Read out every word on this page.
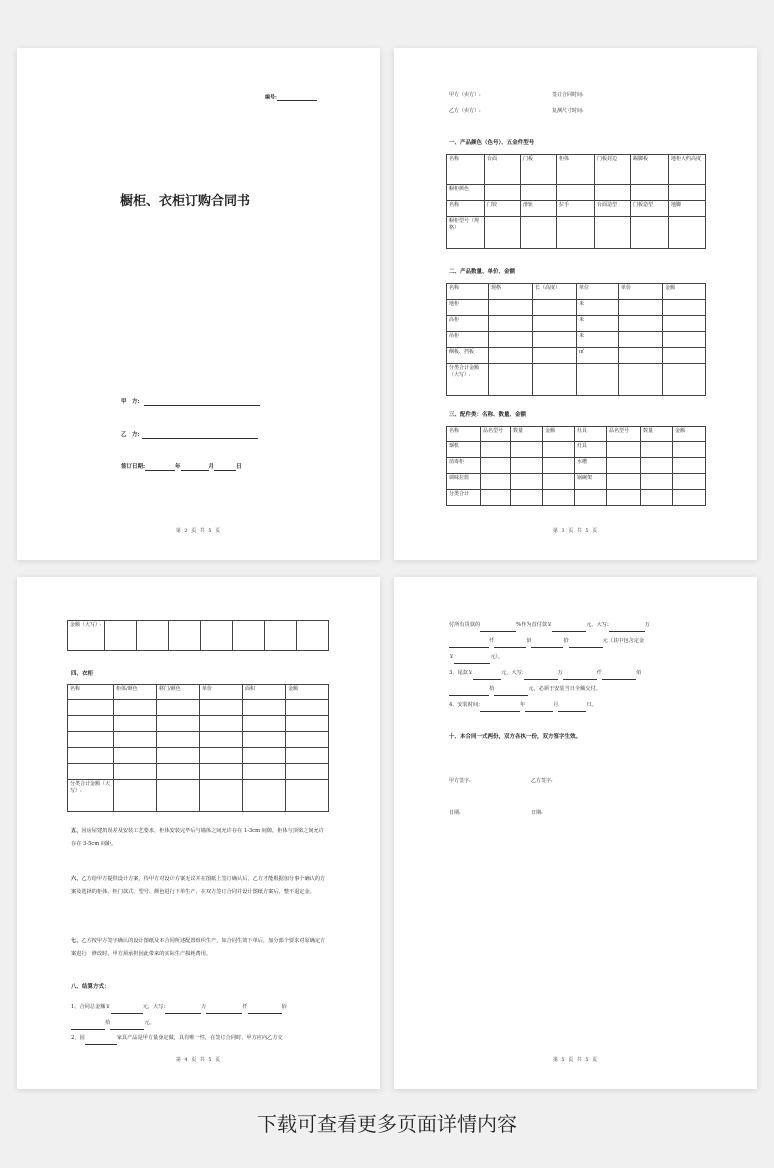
编号:
橱柜、衣柜订购合同书
甲　方:
乙　方:
签订日期:	年	月	日
第 2 页 共 5 页
甲方（卖方）:	签订合同时间:
乙方（卖方）:	复测尺寸时间:
一、产品颜色（色号）、五金件型号
名称	台面	门板	柜体	门板封边	踢脚板	地柜大约高度
橱柜颜色						
名称	门铰	滑轨	拉手	台面造型	门板造型	地脚
橱柜型号（规格）						
二、产品数量、单价、金额
名称	规格	长（高度）	单位	单价	金额
地柜			米		
高柜			米		
吊柜			米		
侧板、挡板			㎡		
分类合计金额（大写）:					
三、配件类：名称、数量、金额
名称	品名型号	数量	金额	灶具	品名型号	数量	金额
烟机				灶具			
消毒柜				水槽			
调味拉篮				锅碗架			
分类合计							
第 3 页 共 5 页
金额（大写）:							
四、衣柜
名称	柜体/颜色	移门/颜色	单价	面积	金额

分类合计金额（大写）:					
五、因房屋建筑误差及安装工艺要求，柜体安装完毕后与墙体之间允许存在 1-3cm 间隙，柜体与顶梁之间允许存在 3-5cm 间距。
六、乙方给甲方提供设计方案，待甲方对设计方案无议并在图纸上签订确认后，乙方才能根据加分事个确认的方案及选择的柜体、柜门款式、型号、颜色进行下单生产，在双方签订合同并设计图纸方案后，整不退定金。
七、乙方按甲方签字确认的设计图纸及本合同所述配置组织生产，如合同生效下单后，加分部个要求对原确定方案进行　修改时，甲方须承担因此带来的实际生产损耗费用。
八、结算方式：
1、合同总金额￥	元，大写:	万	仟	佰
拾	元。
2、园	家具产品是甲方量身定做，具有唯一性，在签订合同时，甲方应向乙方交
第 4 页 共 5 页
付所有货款的	%作为首付款￥	元，大写:	万
仟	佰	拾	元（其中包含定金
￥	元）。
3、尾款￥	元，大写:	万	仟	佰
拾	元，必须于安装当日全额交付。
4、安装时间:	年	月	日。
十、本合同一式两份，双方各执一份，双方签字生效。
甲方签字:	乙方签字:
日期:	日期:
第 5 页 共 5 页
下载可查看更多页面详情内容
